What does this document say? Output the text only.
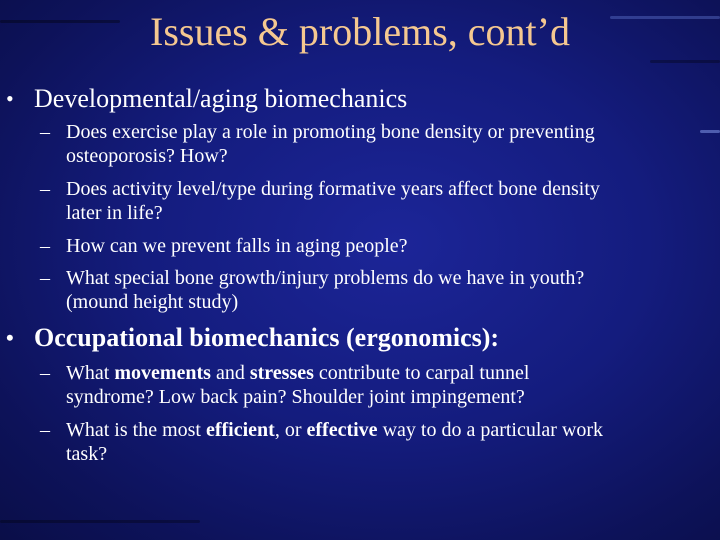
Issues & problems, cont’d
• Developmental/aging biomechanics
– Does exercise play a role in promoting bone density or preventing
osteoporosis? How?
– Does activity level/type during formative years affect bone density
later in life?
– How can we prevent falls in aging people?
– What special bone growth/injury problems do we have in youth?
(mound height study)
• Occupational biomechanics (ergonomics):
– What movements and stresses contribute to carpal tunnel
syndrome? Low back pain? Shoulder joint impingement?
– What is the most efficient, or effective way to do a particular work
task?
